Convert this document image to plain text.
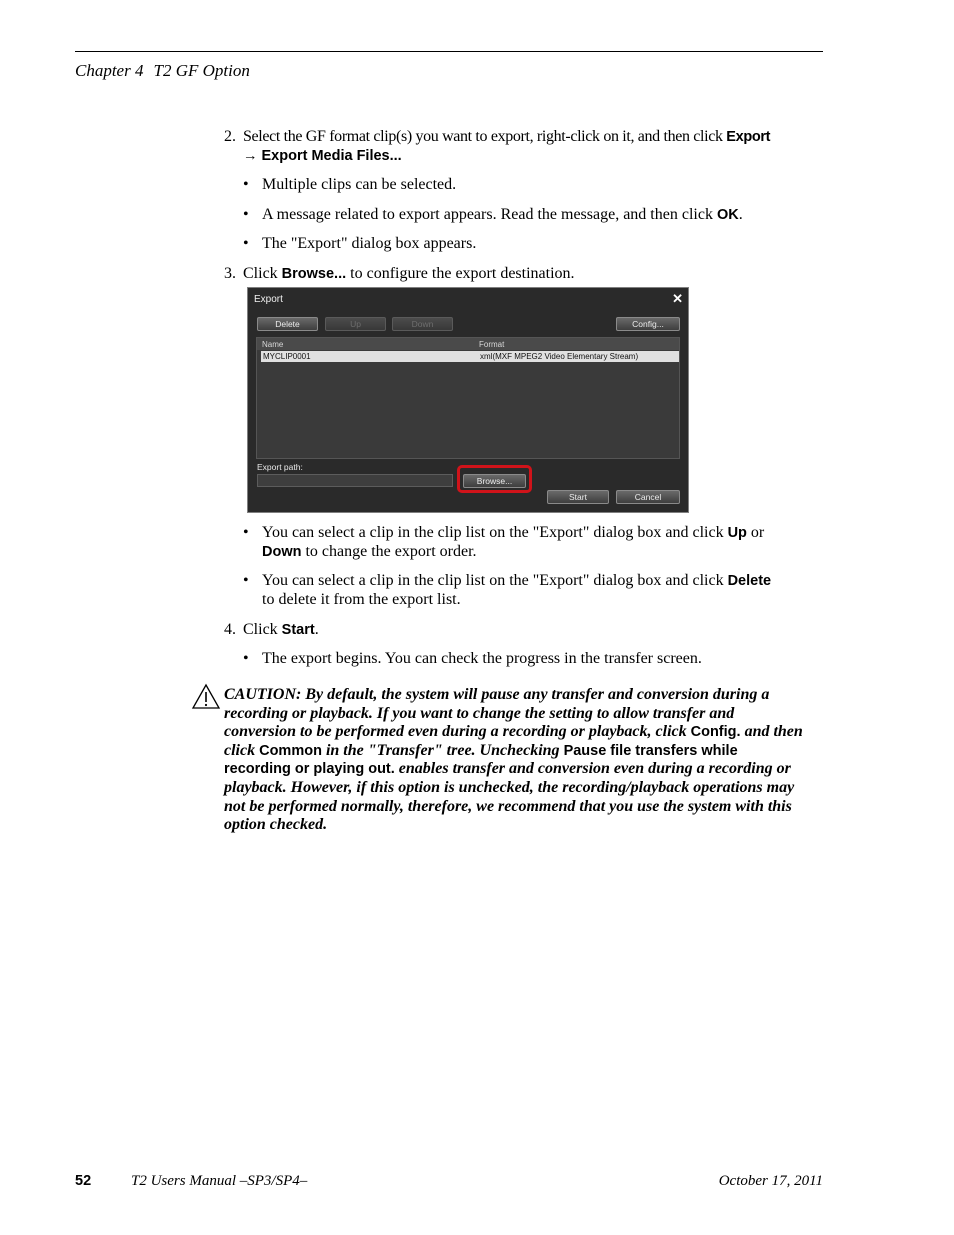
Chapter 4 T2 GF Option
2. Select the GF format clip(s) you want to export, right-click on it, and then click Export
→ Export Media Files...
• Multiple clips can be selected.
• A message related to export appears. Read the message, and then click OK.
• The "Export" dialog box appears.
3. Click Browse... to configure the export destination.
Export	✕
Delete	Up	Down	Config...
Name	Format
MYCLIP0001	xml(MXF MPEG2 Video Elementary Stream)
Export path:
Browse...
Start	Cancel
• You can select a clip in the clip list on the "Export" dialog box and click Up or
Down to change the export order.
• You can select a clip in the clip list on the "Export" dialog box and click Delete
to delete it from the export list.
4. Click Start.
• The export begins. You can check the progress in the transfer screen.
CAUTION: By default, the system will pause any transfer and conversion during a recording or playback. If you want to change the setting to allow transfer and conversion to be performed even during a recording or playback, click Config. and then click Common in the "Transfer" tree. Unchecking Pause file transfers while recording or playing out. enables transfer and conversion even during a recording or playback. However, if this option is unchecked, the recording/playback operations may not be performed normally, therefore, we recommend that you use the system with this option checked.
52	T2 Users Manual –SP3/SP4–	October 17, 2011
